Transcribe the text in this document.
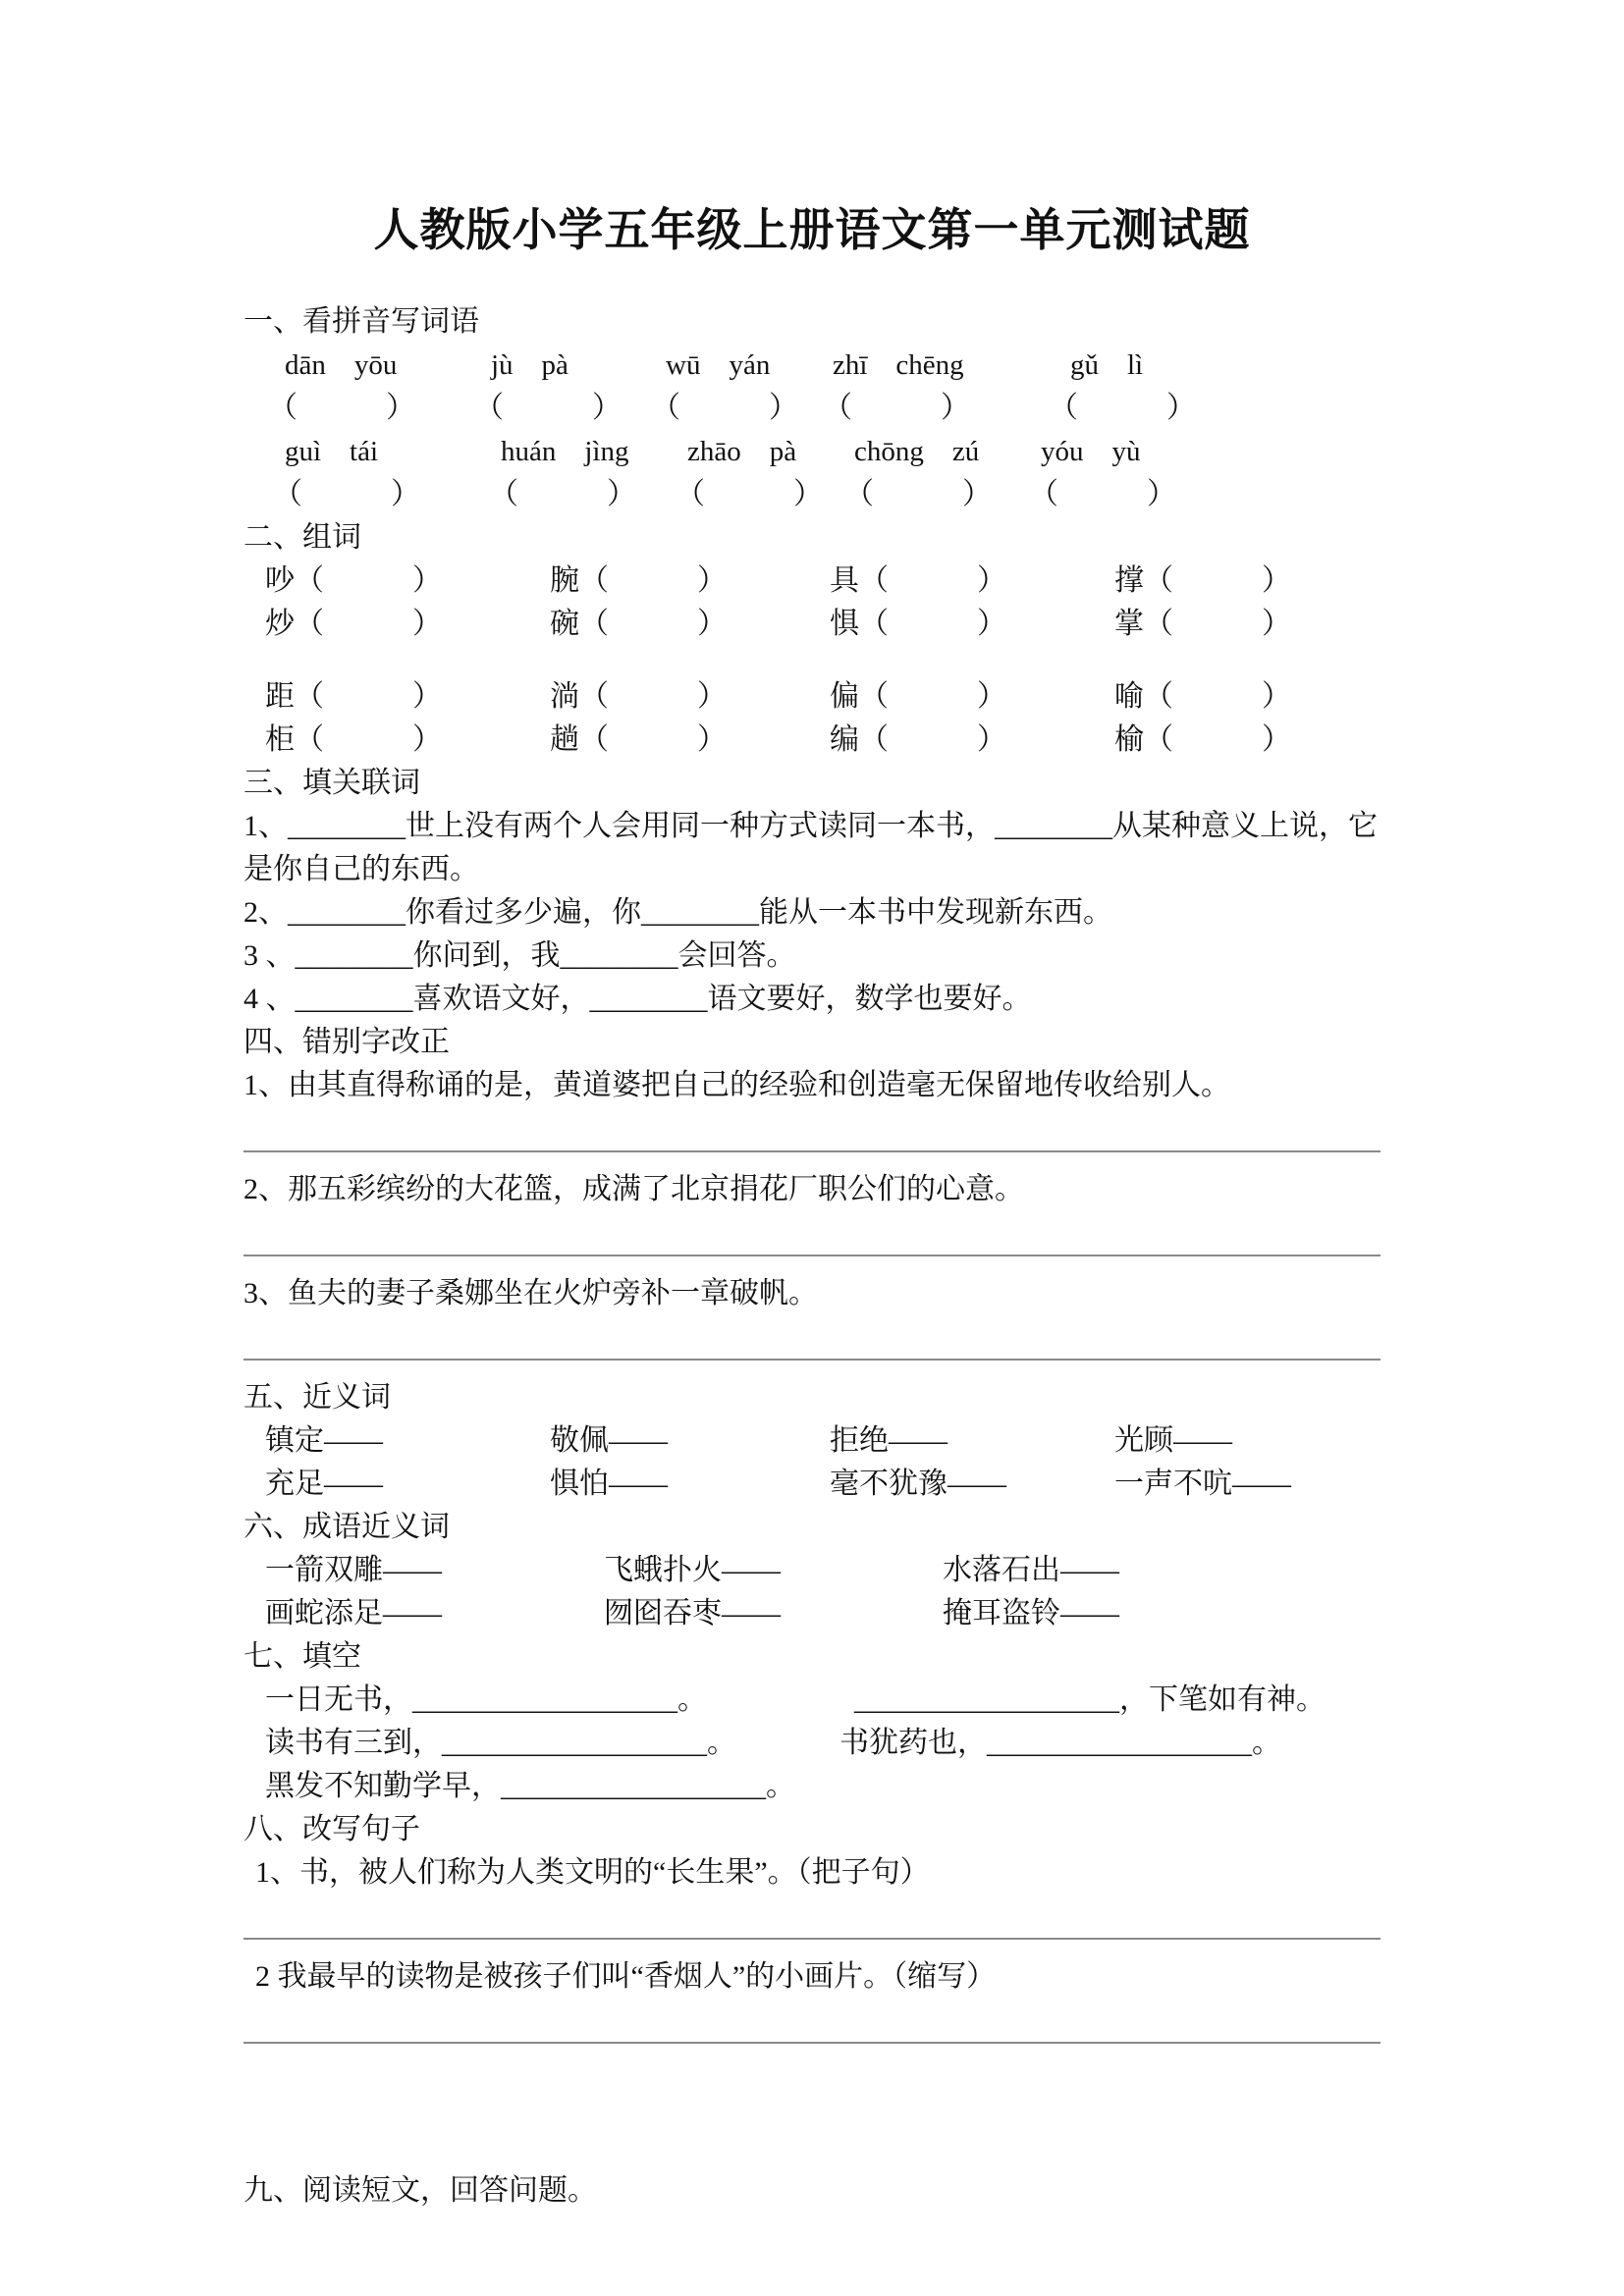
人教版小学五年级上册语文第一单元测试题

一、看拼音写词语

dān　yōu	jù　pà	wū　yán zhī　chēng	gǔ　lì
（　　　） （　　　） （　　　） （　　　）	（　　　）
guì　tái	huán　jìng zhāo　pà chōng　zú yóu　yù
（　　　） （　　　） （　　　） （　　　） （　　　）

二、组词

吵（　　　）	腕（　　　）	具（　　　）	撑（　　　）
炒（　　　）	碗（　　　）	惧（　　　）	掌（　　　）
距（　　　）	淌（　　　）	偏（　　　）	喻（　　　）
柜（　　　）	趟（　　　）	编（　　　）	榆（　　　）

三、填关联词

1、________世上没有两个人会用同一种方式读同一本书，________从某种意义上说，它是你自己的东西。

2、________你看过多少遍，你________能从一本书中发现新东西。

3 、________你问到，我________会回答。

4 、________喜欢语文好，________语文要好，数学也要好。

四、错别字改正

1、由其直得称诵的是，黄道婆把自己的经验和创造毫无保留地传收给别人。

2、那五彩缤纷的大花篮，成满了北京捐花厂职公们的心意。

3、鱼夫的妻子桑娜坐在火炉旁补一章破帆。

五、近义词

镇定——	敬佩——	拒绝——	光顾——
充足——	惧怕——	毫不犹豫——	一声不吭——

六、成语近义词

一箭双雕——	飞蛾扑火——	水落石出——
画蛇添足——	囫囵吞枣——	掩耳盗铃——

七、填空

一日无书，__________________。	__________________，下笔如有神。
读书有三到，__________________。	书犹药也，__________________。
黑发不知勤学早，__________________。

八、改写句子

1、书，被人们称为人类文明的“长生果”。（把子句）

2 我最早的读物是被孩子们叫“香烟人”的小画片。（缩写）

九、阅读短文，回答问题。
